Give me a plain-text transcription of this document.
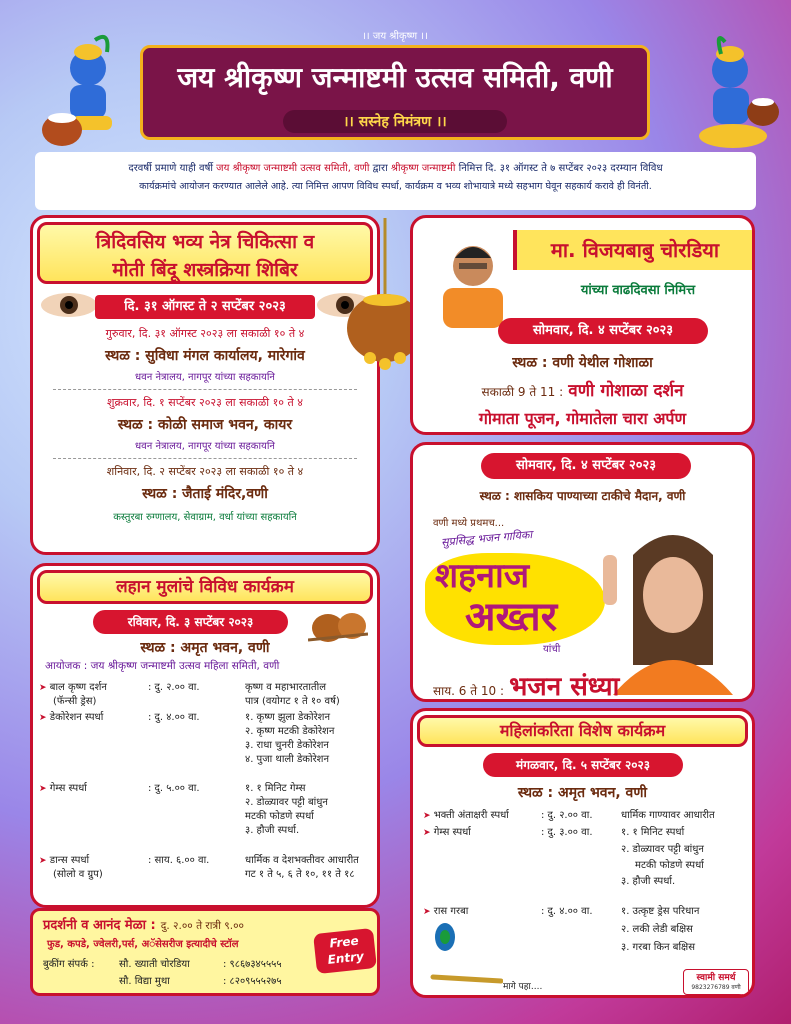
।। जय श्रीकृष्ण ।।
जय श्रीकृष्ण जन्माष्टमी उत्सव समिती, वणी
।। सस्नेह निमंत्रण ।।
दरवर्षी प्रमाणे याही वर्षी जय श्रीकृष्ण जन्माष्टमी उत्सव समिती, वणी द्वारा श्रीकृष्ण जन्माष्टमी निमित्त दि. ३१ ऑगस्ट ते ७ सप्टेंबर २०२३ दरम्यान विविध
कार्यक्रमांचे आयोजन करण्यात आलेले आहे. त्या निमित्त आपण विविध स्पर्धा, कार्यक्रम व भव्य शोभायात्रे मध्ये सहभाग घेवून सहकार्य करावे ही विनंती.
त्रिदिवसिय भव्य नेत्र चिकित्सा व
मोती बिंदू शस्त्रक्रिया शिबिर
दि. ३१ ऑगस्ट ते २ सप्टेंबर २०२३
गुरुवार, दि. ३१ ऑगस्ट २०२३ ला सकाळी १० ते ४
स्थळ : सुविधा मंगल कार्यालय, मारेगांव
धवन नेत्रालय, नागपूर यांच्या सहकायनि
शुक्रवार, दि. १ सप्टेंबर २०२३ ला सकाळी १० ते ४
स्थळ : कोळी समाज भवन, कायर
धवन नेत्रालय, नागपूर यांच्या सहकायनि
शनिवार, दि. २ सप्टेंबर २०२३ ला सकाळी १० ते ४
स्थळ : जैताई मंदिर,वणी
कस्तुरबा रुग्णालय, सेवाग्राम, वर्धा यांच्या सहकायनि
मा. विजयबाबु चोरडिया
यांच्या वाढदिवसा निमित्त
सोमवार, दि. ४ सप्टेंबर २०२३
स्थळ : वणी येथील गोशाळा
सकाळी 9 ते 11 : वणी गोशाळा दर्शन
गोमाता पूजन, गोमातेला चारा अर्पण
सोमवार, दि. ४ सप्टेंबर २०२३
स्थळ : शासकिय पाण्याच्या टाकीचे मैदान, वणी
वणी मध्ये प्रथमच...
सुप्रसिद्ध भजन गायिका
शहनाज
अख्तर
यांची
साय. 6 ते 10 : भजन संध्या
लहान मुलांचे विविध कार्यक्रम
रविवार, दि. ३ सप्टेंबर २०२३
स्थळ : अमृत भवन, वणी
आयोजक : जय श्रीकृष्ण जन्माष्टमी उत्सव महिला समिती, वणी
➤ बाल कृष्ण दर्शन
(फॅन्सी ड्रेस)
: दु. २.०० वा.	कृष्ण व महाभारतातील
पात्र (वयोगट १ ते १० वर्ष)
➤ डेकोरेशन स्पर्धा	: दु. ४.०० वा.	१. कृष्ण झुला डेकोरेशन
२. कृष्ण मटकी डेकोरेशन
३. राधा चुनरी डेकोरेशन
४. पुजा थाली डेकोरेशन
➤ गेम्स स्पर्धा	: दु. ५.०० वा.	१. १ मिनिट गेम्स
२. डोळ्यावर पट्टी बांधुन
मटकी फोडणे स्पर्धा
३. हौजी स्पर्धा.
➤ डान्स स्पर्धा
(सोलो व ग्रुप)
: साय. ६.०० वा.	धार्मिक व देशभक्तीवर आधारीत
गट १ ते ५, ६ ते १०, ११ ते १८
प्रदर्शनी व आनंद मेळा : दु. २.०० ते रात्री ९.००
फुड, कपडे, ज्वेलरी,पर्स, अॅसेसरीज इत्यादीचे स्टॉल
बुकींग संपर्क : सौ. ख्याती चोरडिया	: ९८६७३४५५५५
सौ. विद्या मुथा	: ८२०९५५५२७५
Free
Entry
महिलांकरिता विशेष कार्यक्रम
मंगळवार, दि. ५ सप्टेंबर २०२३
स्थळ : अमृत भवन, वणी
➤ भक्ती अंताक्षरी स्पर्धा	: दु. २.०० वा.	धार्मिक गाण्यावर आधारीत
➤ गेम्स स्पर्धा	: दु. ३.०० वा.	१. १ मिनिट स्पर्धा
२. डोळ्यावर पट्टी बांधुन
मटकी फोडणे स्पर्धा
३. हौजी स्पर्धा.
➤ रास गरबा	: दु. ४.०० वा.	१. उत्कृष्ट ड्रेस परिधान
२. लकी लेडी बक्षिस
३. गरबा किन बक्षिस
मागे पहा....
स्वामी समर्थ
9823276789 वणी
